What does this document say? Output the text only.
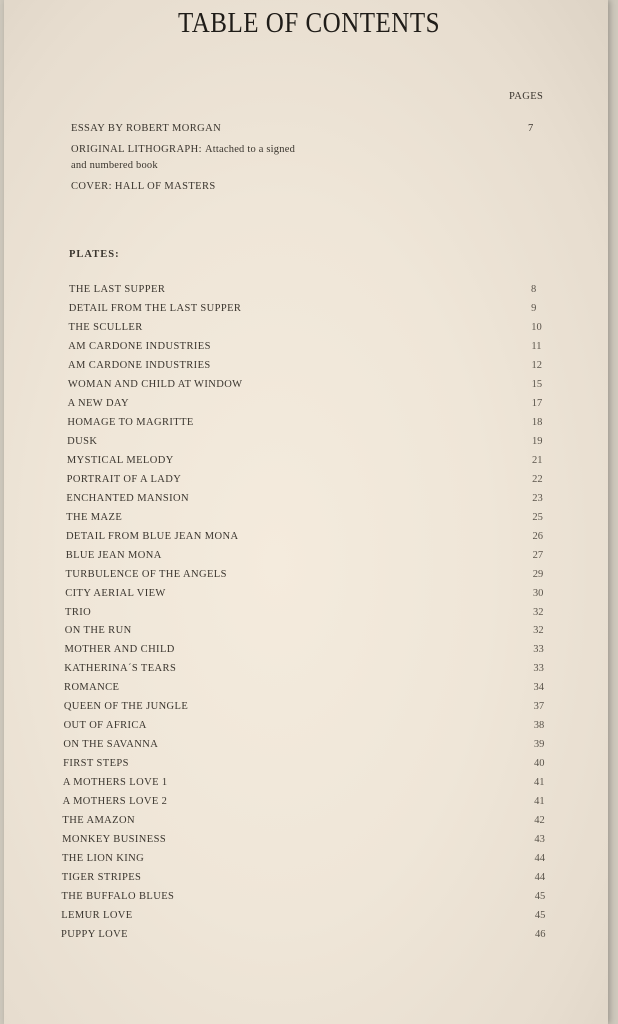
TABLE OF CONTENTS
PAGES
ESSAY BY ROBERT MORGAN	7
ORIGINAL LITHOGRAPH: Attached to a signed
and numbered book
COVER: HALL OF MASTERS
PLATES:
THE LAST SUPPER	8
DETAIL FROM THE LAST SUPPER	9
THE SCULLER	10
AM CARDONE INDUSTRIES	11
AM CARDONE INDUSTRIES	12
WOMAN AND CHILD AT WINDOW	15
A NEW DAY	17
HOMAGE TO MAGRITTE	18
DUSK	19
MYSTICAL MELODY	21
PORTRAIT OF A LADY	22
ENCHANTED MANSION	23
THE MAZE	25
DETAIL FROM BLUE JEAN MONA	26
BLUE JEAN MONA	27
TURBULENCE OF THE ANGELS	29
CITY AERIAL VIEW	30
TRIO	32
ON THE RUN	32
MOTHER AND CHILD	33
KATHERINA´S TEARS	33
ROMANCE	34
QUEEN OF THE JUNGLE	37
OUT OF AFRICA	38
ON THE SAVANNA	39
FIRST STEPS	40
A MOTHERS LOVE 1	41
A MOTHERS LOVE 2	41
THE AMAZON	42
MONKEY BUSINESS	43
THE LION KING	44
TIGER STRIPES	44
THE BUFFALO BLUES	45
LEMUR LOVE	45
PUPPY LOVE	46
